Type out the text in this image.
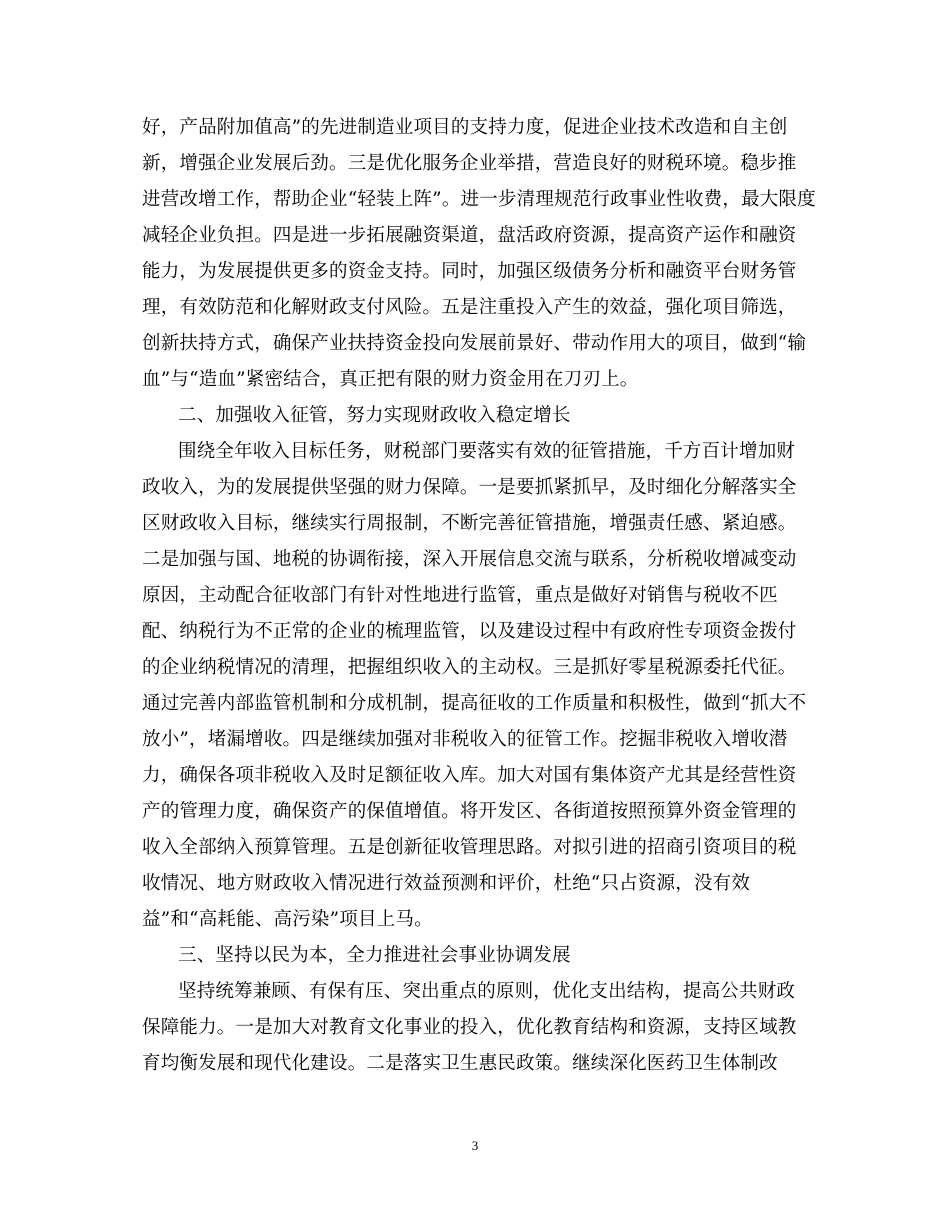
好，产品附加值高”的先进制造业项目的支持力度，促进企业技术改造和自主创
新，增强企业发展后劲。三是优化服务企业举措，营造良好的财税环境。稳步推
进营改增工作，帮助企业“轻装上阵”。进一步清理规范行政事业性收费，最大限度
减轻企业负担。四是进一步拓展融资渠道，盘活政府资源，提高资产运作和融资
能力，为发展提供更多的资金支持。同时，加强区级债务分析和融资平台财务管
理，有效防范和化解财政支付风险。五是注重投入产生的效益，强化项目筛选，
创新扶持方式，确保产业扶持资金投向发展前景好、带动作用大的项目，做到“输
血”与“造血”紧密结合，真正把有限的财力资金用在刀刃上。
二、加强收入征管，努力实现财政收入稳定增长
围绕全年收入目标任务，财税部门要落实有效的征管措施，千方百计增加财
政收入，为的发展提供坚强的财力保障。一是要抓紧抓早，及时细化分解落实全
区财政收入目标，继续实行周报制，不断完善征管措施，增强责任感、紧迫感。
二是加强与国、地税的协调衔接，深入开展信息交流与联系，分析税收增减变动
原因，主动配合征收部门有针对性地进行监管，重点是做好对销售与税收不匹
配、纳税行为不正常的企业的梳理监管，以及建设过程中有政府性专项资金拨付
的企业纳税情况的清理，把握组织收入的主动权。三是抓好零星税源委托代征。
通过完善内部监管机制和分成机制，提高征收的工作质量和积极性，做到“抓大不
放小”，堵漏增收。四是继续加强对非税收入的征管工作。挖掘非税收入增收潜
力，确保各项非税收入及时足额征收入库。加大对国有集体资产尤其是经营性资
产的管理力度，确保资产的保值增值。将开发区、各街道按照预算外资金管理的
收入全部纳入预算管理。五是创新征收管理思路。对拟引进的招商引资项目的税
收情况、地方财政收入情况进行效益预测和评价，杜绝“只占资源，没有效
益”和“高耗能、高污染”项目上马。
三、坚持以民为本，全力推进社会事业协调发展
坚持统筹兼顾、有保有压、突出重点的原则，优化支出结构，提高公共财政
保障能力。一是加大对教育文化事业的投入，优化教育结构和资源，支持区域教
育均衡发展和现代化建设。二是落实卫生惠民政策。继续深化医药卫生体制改
3
